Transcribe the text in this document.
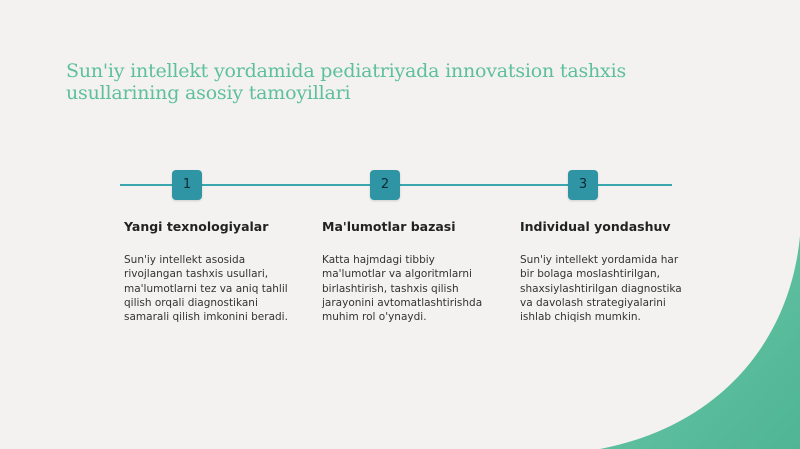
Sun'iy intellekt yordamida pediatriyada innovatsion tashxis usullarining asosiy tamoyillari
1	2	3
Yangi texnologiyalar	Ma'lumotlar bazasi	Individual yondashuv

Sun'iy intellekt asosida rivojlangan tashxis usullari, ma'lumotlarni tez va aniq tahlil qilish orqali diagnostikani samarali qilish imkonini beradi.

Katta hajmdagi tibbiy ma'lumotlar va algoritmlarni birlashtirish, tashxis qilish jarayonini avtomatlashtirishda muhim rol o'ynaydi.

Sun'iy intellekt yordamida har bir bolaga moslashtirilgan, shaxsiylashtirilgan diagnostika va davolash strategiyalarini ishlab chiqish mumkin.
